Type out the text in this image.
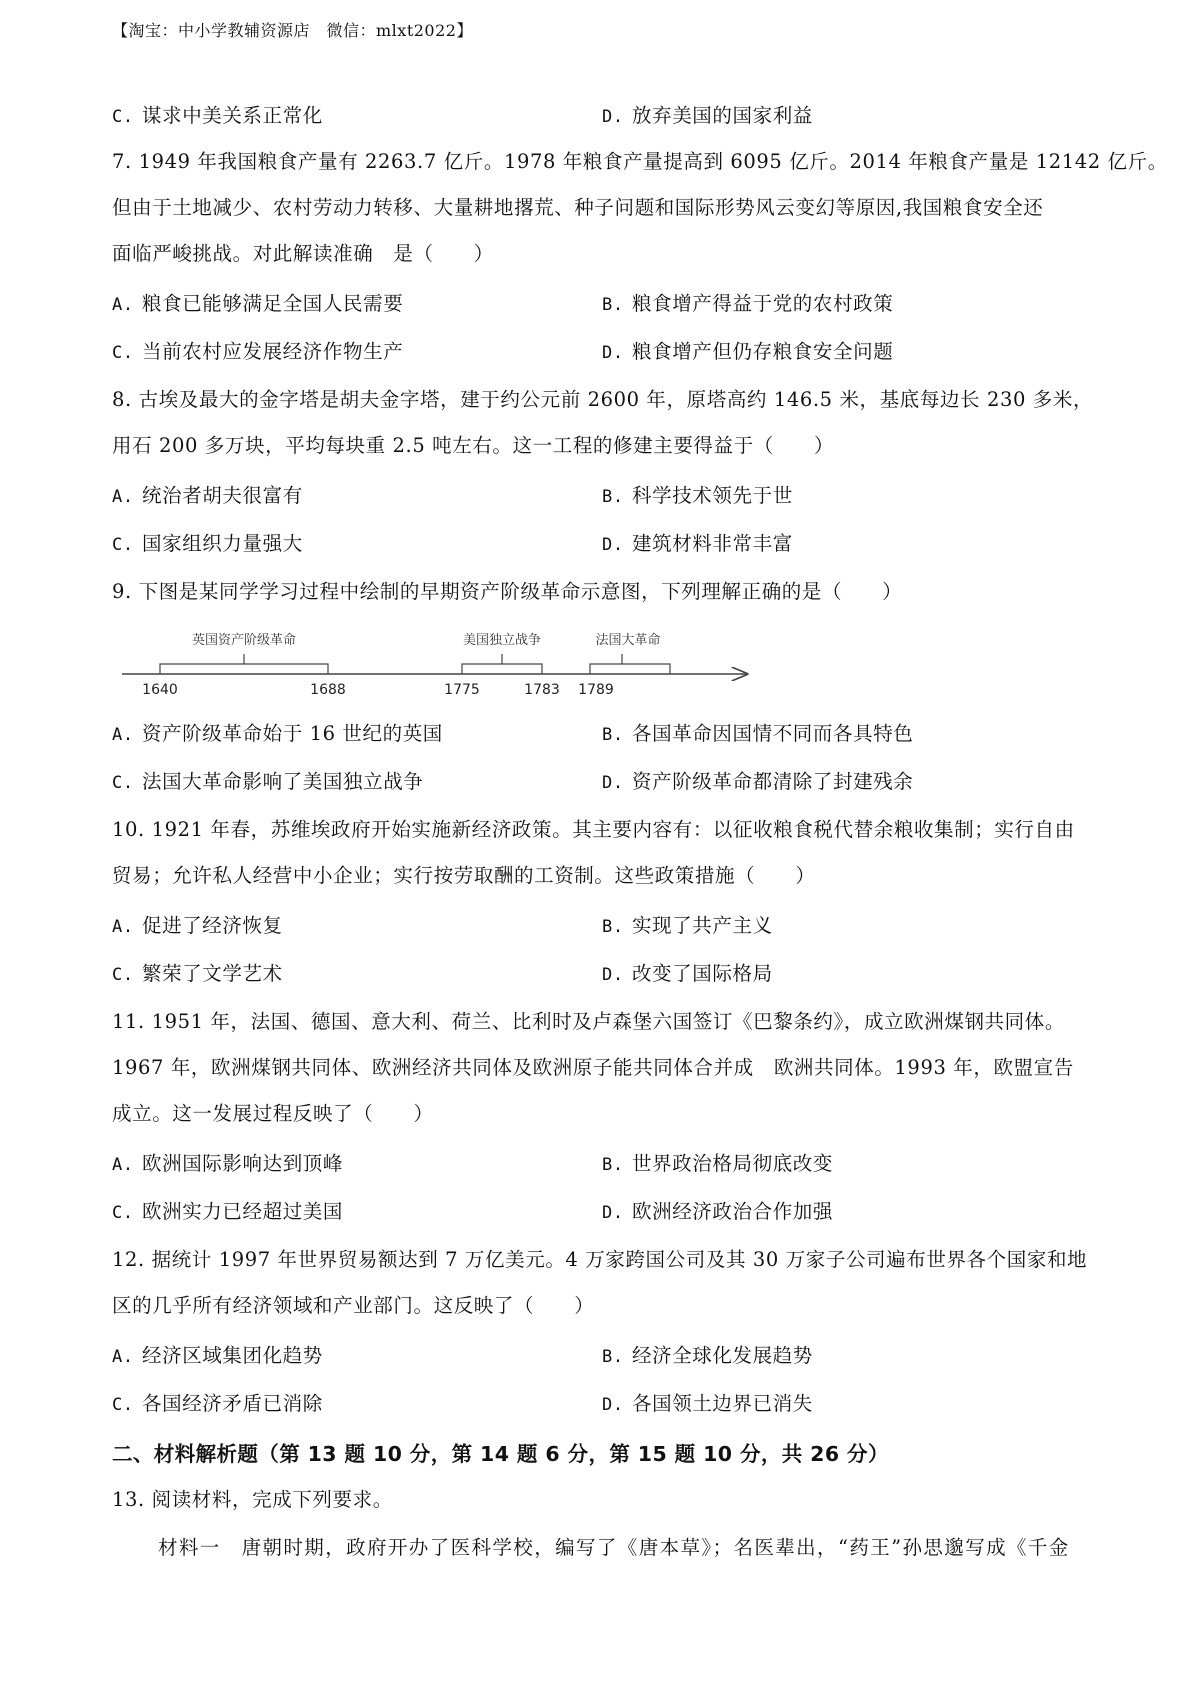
【淘宝：中小学教辅资源店　微信：mlxt2022】
C. 谋求中美关系正常化	D. 放弃美国的国家利益
7. 1949 年我国粮食产量有 2263.7 亿斤。1978 年粮食产量提高到 6095 亿斤。2014 年粮食产量是 12142 亿斤。
但由于土地减少、农村劳动力转移、大量耕地撂荒、种子问题和国际形势风云变幻等原因,我国粮食安全还
面临严峻挑战。对此解读准确　是（　　）
A. 粮食已能够满足全国人民需要	B. 粮食增产得益于党的农村政策
C. 当前农村应发展经济作物生产	D. 粮食增产但仍存粮食安全问题
8. 古埃及最大的金字塔是胡夫金字塔，建于约公元前 2600 年，原塔高约 146.5 米，基底每边长 230 多米，
用石 200 多万块，平均每块重 2.5 吨左右。这一工程的修建主要得益于（　　）
A. 统治者胡夫很富有	B. 科学技术领先于世
C. 国家组织力量强大	D. 建筑材料非常丰富
9. 下图是某同学学习过程中绘制的早期资产阶级革命示意图，下列理解正确的是（　　）
英国资产阶级革命	美国独立战争	法国大革命
1640	1688	1775	1783 1789
A. 资产阶级革命始于 16 世纪的英国	B. 各国革命因国情不同而各具特色
C. 法国大革命影响了美国独立战争	D. 资产阶级革命都清除了封建残余
10. 1921 年春，苏维埃政府开始实施新经济政策。其主要内容有：以征收粮食税代替余粮收集制；实行自由
贸易；允许私人经营中小企业；实行按劳取酬的工资制。这些政策措施（　　）
A. 促进了经济恢复	B. 实现了共产主义
C. 繁荣了文学艺术	D. 改变了国际格局
11. 1951 年，法国、德国、意大利、荷兰、比利时及卢森堡六国签订《巴黎条约》，成立欧洲煤钢共同体。
1967 年，欧洲煤钢共同体、欧洲经济共同体及欧洲原子能共同体合并成　欧洲共同体。1993 年，欧盟宣告
成立。这一发展过程反映了（　　）
A. 欧洲国际影响达到顶峰	B. 世界政治格局彻底改变
C. 欧洲实力已经超过美国	D. 欧洲经济政治合作加强
12. 据统计 1997 年世界贸易额达到 7 万亿美元。4 万家跨国公司及其 30 万家子公司遍布世界各个国家和地
区的几乎所有经济领域和产业部门。这反映了（　　）
A. 经济区域集团化趋势	B. 经济全球化发展趋势
C. 各国经济矛盾已消除	D. 各国领土边界已消失
二、材料解析题（第 13 题 10 分，第 14 题 6 分，第 15 题 10 分，共 26 分）
13. 阅读材料，完成下列要求。
材料一　唐朝时期，政府开办了医科学校，编写了《唐本草》；名医辈出，“药王”孙思邈写成《千金
